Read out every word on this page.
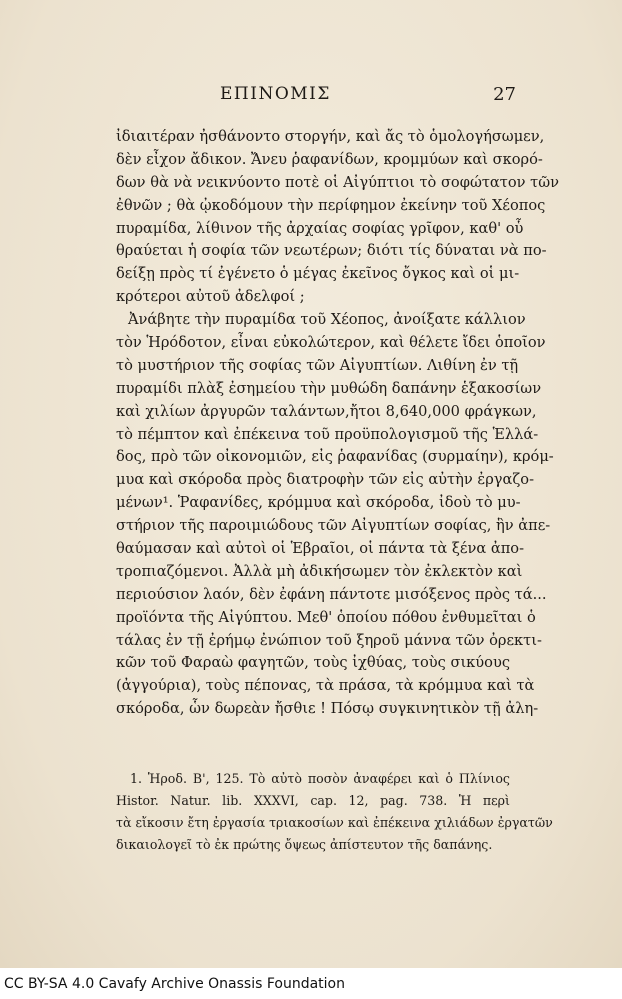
ΕΠΙΝΟΜΙΣ	27
ἰδιαιτέραν ἠσθάνοντο στοργήν, καὶ ἄς τὸ ὁμολογήσωμεν,
δὲν εἶχον ἄδικον. Ἄνευ ῥαφανίδων, κρομμύων καὶ σκορό-
δων θὰ νὰ νεικνύοντο ποτὲ οἱ Αἰγύπτιοι τὸ σοφώτατον τῶν
ἐθνῶν ; θὰ ᾠκοδόμουν τὴν περίφημον ἐκείνην τοῦ Χέοπος
πυραμίδα, λίθινον τῆς ἀρχαίας σοφίας γρῖφον, καθ' οὗ
θραύεται ἡ σοφία τῶν νεωτέρων; διότι τίς δύναται νὰ πο-
δείξῃ πρὸς τί ἐγένετο ὁ μέγας ἐκεῖνος ὄγκος καὶ οἱ μι-
κρότεροι αὐτοῦ ἀδελφοί ;
Ἀνάβητε τὴν πυραμίδα τοῦ Χέοπος, ἀνοίξατε κάλλιον
τὸν Ἡρόδοτον, εἶναι εὐκολώτερον, καὶ θέλετε ἴδει ὁποῖον
τὸ μυστήριον τῆς σοφίας τῶν Αἰγυπτίων. Λιθίνη ἐν τῇ
πυραμίδι πλὰξ ἐσημείου τὴν μυθώδη δαπάνην ἑξακοσίων
καὶ χιλίων ἀργυρῶν ταλάντων,ἤτοι 8,640,000 φράγκων,
τὸ πέμπτον καὶ ἐπέκεινα τοῦ προϋπολογισμοῦ τῆς Ἑλλά-
δος, πρὸ τῶν οἰκονομιῶν, εἰς ῥαφανίδας (συρμαίην), κρόμ-
μυα καὶ σκόροδα πρὸς διατροφὴν τῶν εἰς αὐτὴν ἐργαζο-
μένων¹. Ῥαφανίδες, κρόμμυα καὶ σκόροδα, ἰδοὺ τὸ μυ-
στήριον τῆς παροιμιώδους τῶν Αἰγυπτίων σοφίας, ἣν ἀπε-
θαύμασαν καὶ αὐτοὶ οἱ Ἑβραῖοι, οἱ πάντα τὰ ξένα ἀπο-
τροπιαζόμενοι. Ἀλλὰ μὴ ἀδικήσωμεν τὸν ἐκλεκτὸν καὶ
περιούσιον λαόν, δὲν ἐφάνη πάντοτε μισόξενος πρὸς τά...
προϊόντα τῆς Αἰγύπτου. Μεθ' ὁποίου πόθου ἐνθυμεῖται ὁ
τάλας ἐν τῇ ἐρήμῳ ἐνώπιον τοῦ ξηροῦ μάννα τῶν ὀρεκτι-
κῶν τοῦ Φαραὼ φαγητῶν, τοὺς ἰχθύας, τοὺς σικύους
(ἀγγούρια), τοὺς πέπονας, τὰ πράσα, τὰ κρόμμυα καὶ τὰ
σκόροδα, ὧν δωρεὰν ἤσθιε ! Πόσῳ συγκινητικὸν τῇ ἀλη-
1. Ἡροδ. Β', 125. Τὸ αὐτὸ ποσὸν ἀναφέρει καὶ ὁ Πλίνιος
Histor. Natur. lib. XXXVI, cap. 12, pag. 738. Ἡ περὶ
τὰ εἴκοσιν ἔτη ἐργασία τριακοσίων καὶ ἐπέκεινα χιλιάδων ἐργατῶν
δικαιολογεῖ τὸ ἐκ πρώτης ὄψεως ἀπίστευτον τῆς δαπάνης.
CC BY-SA 4.0 Cavafy Archive Onassis Foundation
